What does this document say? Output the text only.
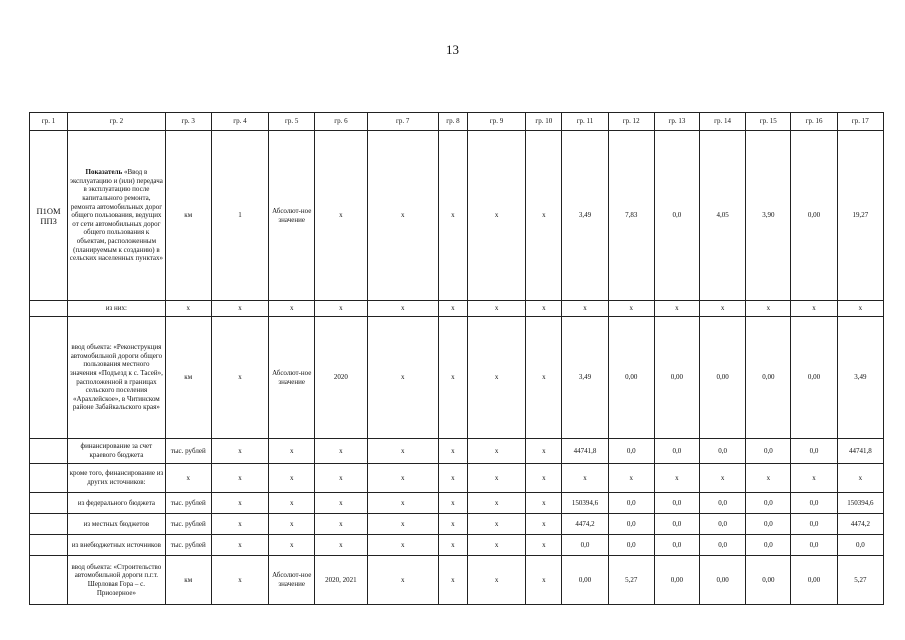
13
гр. 1	гр. 2	гр. 3	гр. 4	гр. 5	гр. 6	гр. 7	гр. 8	гр. 9	гр. 10	гр. 11	гр. 12	гр. 13	гр. 14	гр. 15	гр. 16	гр. 17
П1ОМ ППЗ	Показатель «Ввод в эксплуатацию и (или) передача в эксплуатацию после капитального ремонта, ремонта автомобильных дорог общего пользования, ведущих от сети автомобильных дорог общего пользования к объектам, расположенным (планируемым к созданию) в сельских населенных пунктах»	км	1	Абсолют-ное значение	х	х	х	х	х	3,49	7,83	0,0	4,05	3,90	0,00	19,27
	из них:	х	х	х	х	х	х	х	х	х	х	х	х	х	х	х
	ввод объекта: «Реконструкция автомобильной дороги общего пользования местного значения «Подъезд к с. Тасей», расположенной в границах сельского поселения «Арахлейское», в Читинском районе Забайкальского края»	км	х	Абсолют-ное значение	2020	х	х	х	х	3,49	0,00	0,00	0,00	0,00	0,00	3,49
	финансирование за счет краевого бюджета	тыс. рублей	х	х	х	х	х	х	х	44741,8	0,0	0,0	0,0	0,0	0,0	44741,8
	кроме того, финансирование из других источников:	х	х	х	х	х	х	х	х	х	х	х	х	х	х	х
	из федерального бюджета	тыс. рублей	х	х	х	х	х	х	х	150394,6	0,0	0,0	0,0	0,0	0,0	150394,6
	из местных бюджетов	тыс. рублей	х	х	х	х	х	х	х	4474,2	0,0	0,0	0,0	0,0	0,0	4474,2
	из внебюджетных источников	тыс. рублей	х	х	х	х	х	х	х	0,0	0,0	0,0	0,0	0,0	0,0	0,0
	ввод объекта: «Строительство автомобильной дороги п.г.т. Шерловая Гора – с. Приозерное»	км	х	Абсолют-ное значение	2020, 2021	х	х	х	х	0,00	5,27	0,00	0,00	0,00	0,00	5,27
